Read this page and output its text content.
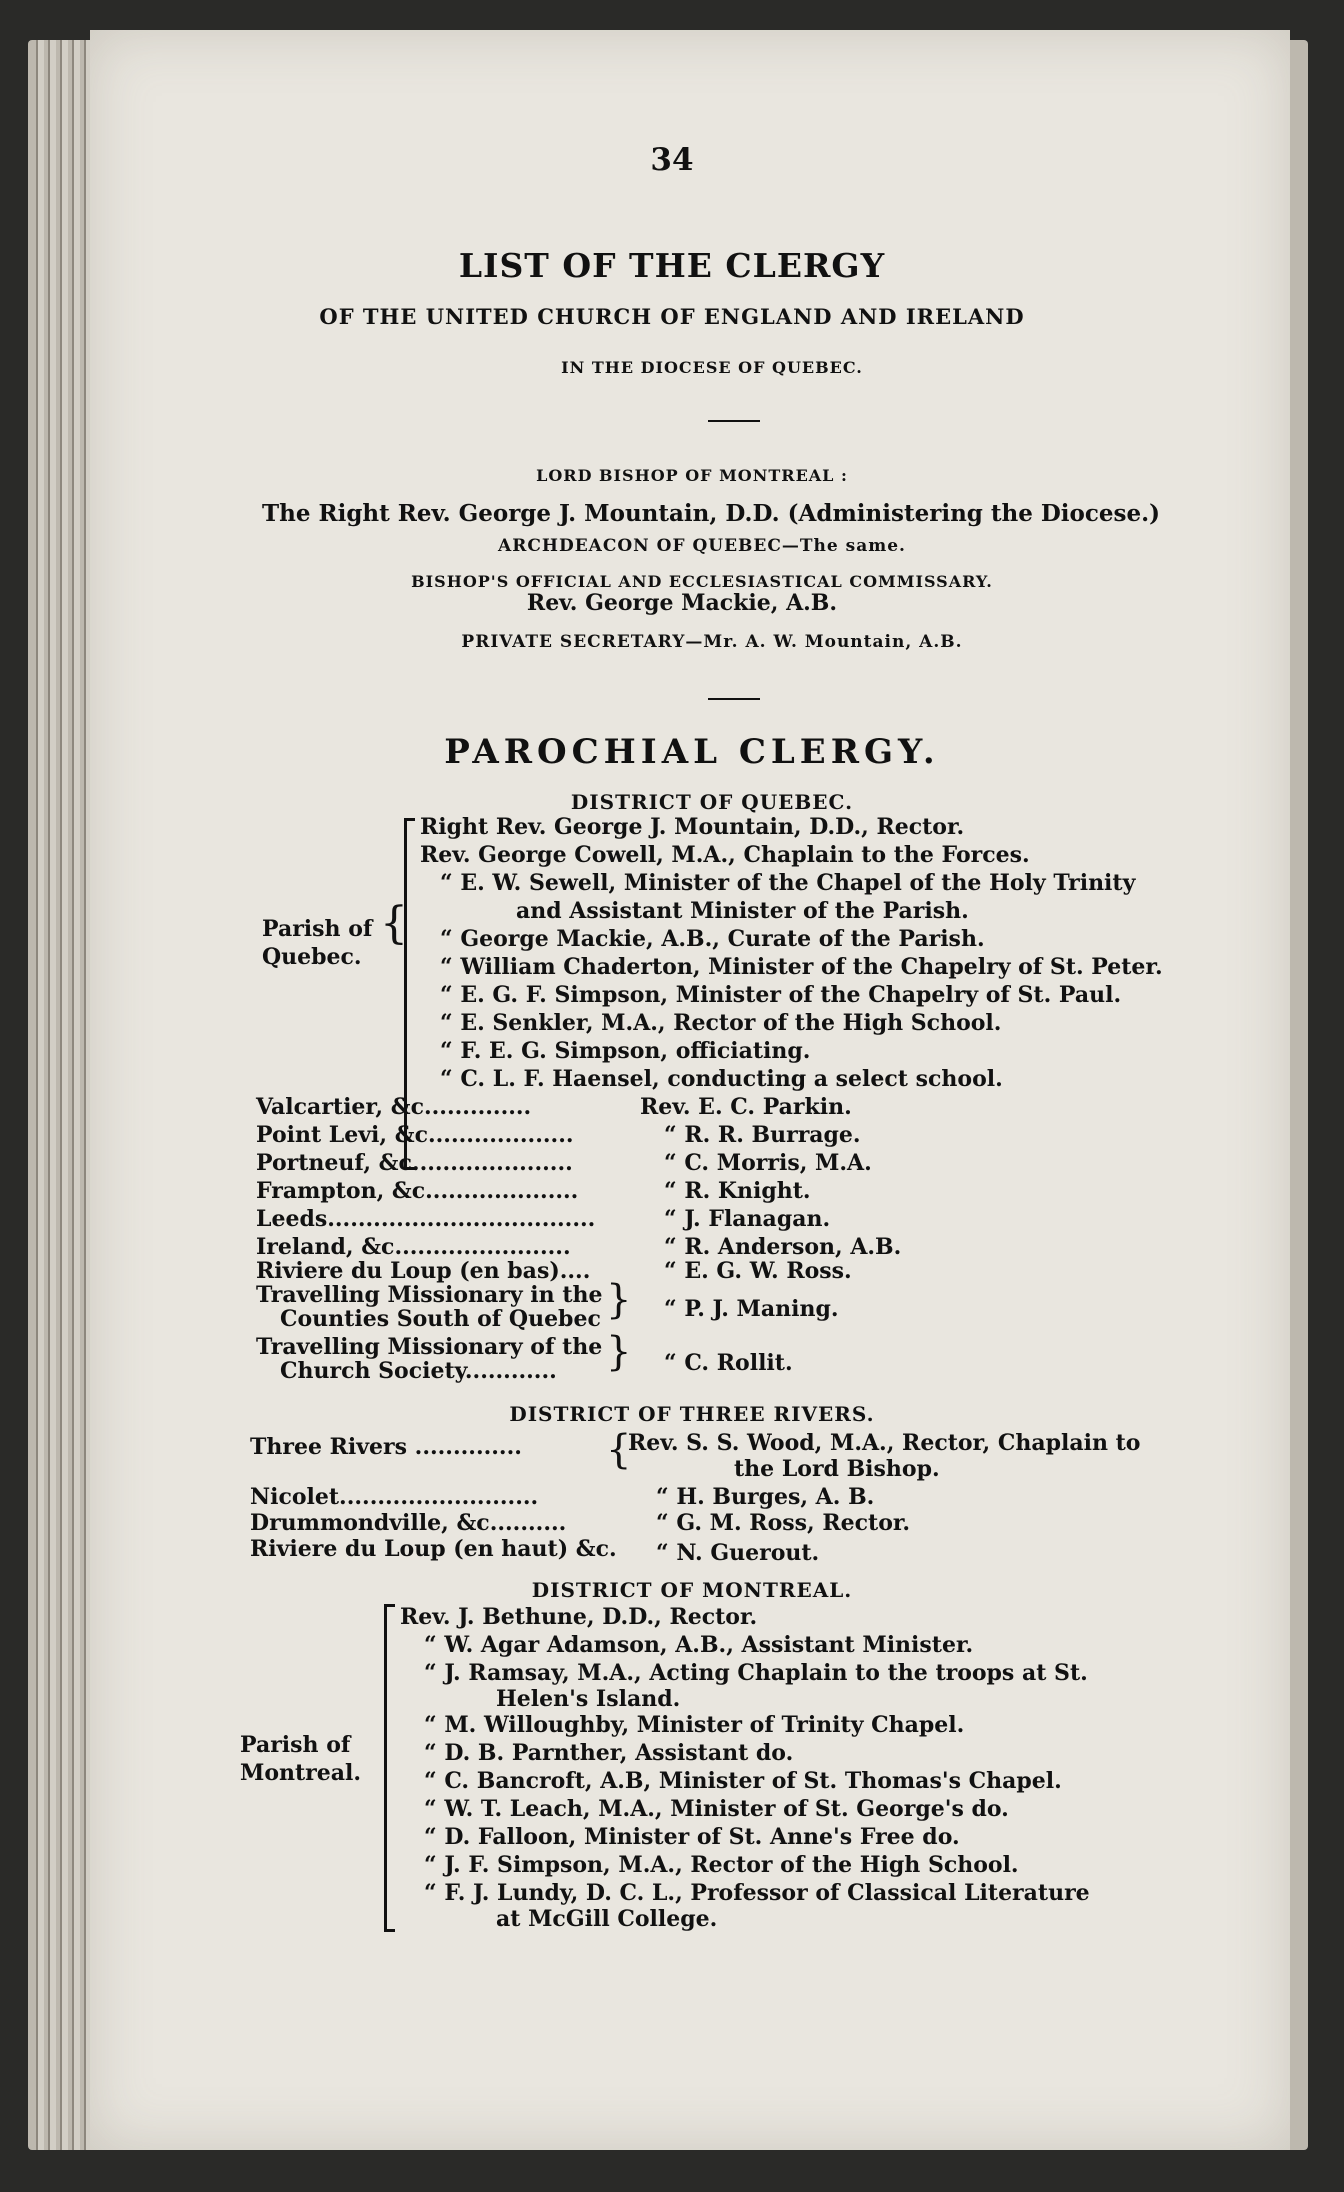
34
LIST OF THE CLERGY
OF THE UNITED CHURCH OF ENGLAND AND IRELAND
IN THE DIOCESE OF QUEBEC.
LORD BISHOP OF MONTREAL :
The Right Rev. George J. Mountain, D.D. (Administering the Diocese.)
ARCHDEACON OF QUEBEC—The same.
BISHOP'S OFFICIAL AND ECCLESIASTICAL COMMISSARY.
Rev. George Mackie, A.B.
PRIVATE SECRETARY—Mr. A. W. Mountain, A.B.
PAROCHIAL CLERGY.
DISTRICT OF QUEBEC.
Parish of
Quebec.
{
Right Rev. George J. Mountain, D.D., Rector.
Rev. George Cowell, M.A., Chaplain to the Forces.
“ E. W. Sewell, Minister of the Chapel of the Holy Trinity
and Assistant Minister of the Parish.
“ George Mackie, A.B., Curate of the Parish.
“ William Chaderton, Minister of the Chapelry of St. Peter.
“ E. G. F. Simpson, Minister of the Chapelry of St. Paul.
“ E. Senkler, M.A., Rector of the High School.
“ F. E. G. Simpson, officiating.
“ C. L. F. Haensel, conducting a select school.
Valcartier, &c..............	Rev. E. C. Parkin.
Point Levi, &c...................	“ R. R. Burrage.
Portneuf, &c.....................	“ C. Morris, M.A.
Frampton, &c....................	“ R. Knight.
Leeds...................................	“ J. Flanagan.
Ireland, &c.......................	“ R. Anderson, A.B.
Riviere du Loup (en bas)....	“ E. G. W. Ross.
Travelling Missionary in the
Counties South of Quebec } “ P. J. Maning.
Travelling Missionary of the
Church Society............ } “ C. Rollit.
DISTRICT OF THREE RIVERS.
Three Rivers .............. {
Rev. S. S. Wood, M.A., Rector, Chaplain to
the Lord Bishop.
Nicolet..........................	“ H. Burges, A. B.
Drummondville, &c..........	“ G. M. Ross, Rector.
Riviere du Loup (en haut) &c. “ N. Guerout.
DISTRICT OF MONTREAL.
Parish of
Montreal.
Rev. J. Bethune, D.D., Rector.
“ W. Agar Adamson, A.B., Assistant Minister.
“ J. Ramsay, M.A., Acting Chaplain to the troops at St.
Helen's Island.
“ M. Willoughby, Minister of Trinity Chapel.
“ D. B. Parnther, Assistant do.
“ C. Bancroft, A.B, Minister of St. Thomas's Chapel.
“ W. T. Leach, M.A., Minister of St. George's do.
“ D. Falloon, Minister of St. Anne's Free do.
“ J. F. Simpson, M.A., Rector of the High School.
“ F. J. Lundy, D. C. L., Professor of Classical Literature
at McGill College.
